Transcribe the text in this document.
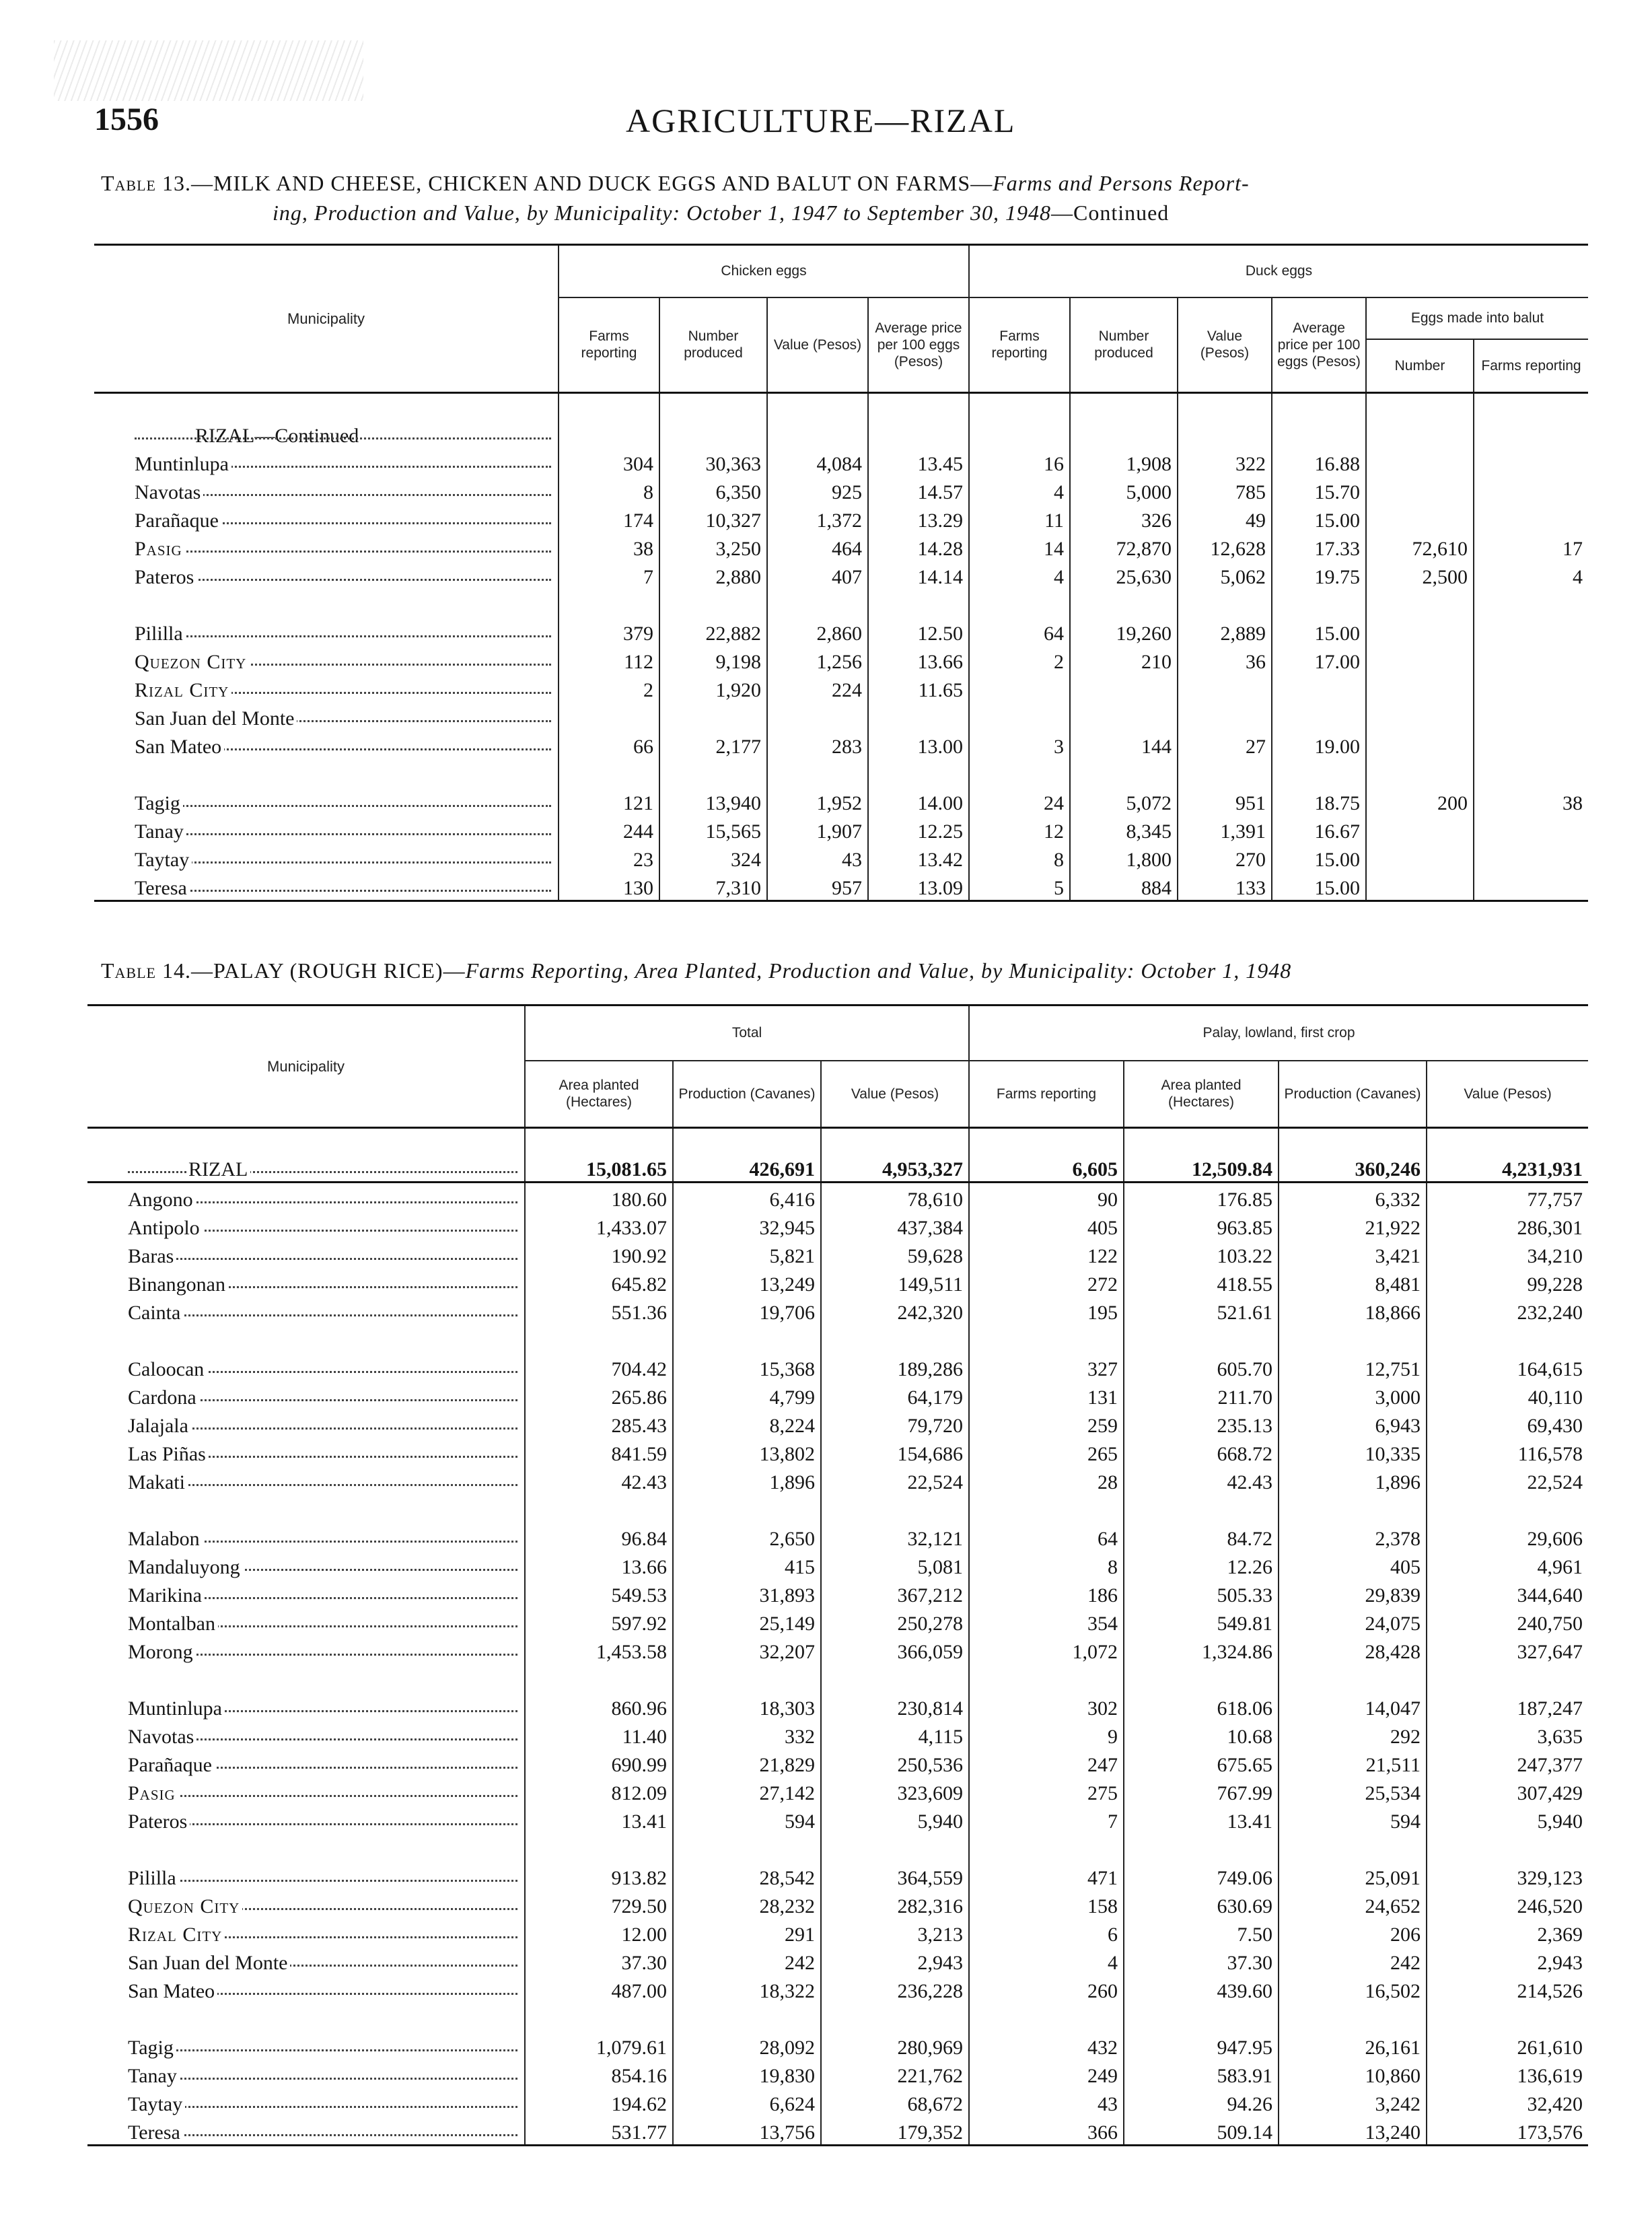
1556	AGRICULTURE—RIZAL
Table 13.—MILK AND CHEESE, CHICKEN AND DUCK EGGS AND BALUT ON FARMS—Farms and Persons Report-
ing, Production and Value, by Municipality: October 1, 1947 to September 30, 1948—Continued
Municipality	Chicken eggs				Duck eggs					
	Farms reporting	Number produced	Value (Pesos)	Average price per 100 eggs (Pesos)	Farms reporting	Number produced	Value (Pesos)	Average price per 100 eggs (Pesos)	Eggs made into balut	
									Number	Farms reporting
RIZAL—Continued										
Muntinlupa	304	30,363	4,084	13.45	16	1,908	322	16.88		
Navotas	8	6,350	925	14.57	4	5,000	785	15.70		
Parañaque	174	10,327	1,372	13.29	11	326	49	15.00		
Pasig	38	3,250	464	14.28	14	72,870	12,628	17.33	72,610	17
Pateros	7	2,880	407	14.14	4	25,630	5,062	19.75	2,500	4
Pililla	379	22,882	2,860	12.50	64	19,260	2,889	15.00		
Quezon City	112	9,198	1,256	13.66	2	210	36	17.00		
Rizal City	2	1,920	224	11.65						
San Juan del Monte										
San Mateo	66	2,177	283	13.00	3	144	27	19.00		
Tagig	121	13,940	1,952	14.00	24	5,072	951	18.75	200	38
Tanay	244	15,565	1,907	12.25	12	8,345	1,391	16.67		
Taytay	23	324	43	13.42	8	1,800	270	15.00		
Teresa	130	7,310	957	13.09	5	884	133	15.00		
Table 14.—PALAY (ROUGH RICE)—Farms Reporting, Area Planted, Production and Value, by Municipality: October 1, 1948
Municipality	Total			Palay, lowland, first crop			
	Area planted (Hectares)	Production (Cavanes)	Value (Pesos)	Farms reporting	Area planted (Hectares)	Production (Cavanes)	Value (Pesos)
RIZAL	15,081.65	426,691	4,953,327	6,605	12,509.84	360,246	4,231,931
Angono	180.60	6,416	78,610	90	176.85	6,332	77,757
Antipolo	1,433.07	32,945	437,384	405	963.85	21,922	286,301
Baras	190.92	5,821	59,628	122	103.22	3,421	34,210
Binangonan	645.82	13,249	149,511	272	418.55	8,481	99,228
Cainta	551.36	19,706	242,320	195	521.61	18,866	232,240
Caloocan	704.42	15,368	189,286	327	605.70	12,751	164,615
Cardona	265.86	4,799	64,179	131	211.70	3,000	40,110
Jalajala	285.43	8,224	79,720	259	235.13	6,943	69,430
Las Piñas	841.59	13,802	154,686	265	668.72	10,335	116,578
Makati	42.43	1,896	22,524	28	42.43	1,896	22,524
Malabon	96.84	2,650	32,121	64	84.72	2,378	29,606
Mandaluyong	13.66	415	5,081	8	12.26	405	4,961
Marikina	549.53	31,893	367,212	186	505.33	29,839	344,640
Montalban	597.92	25,149	250,278	354	549.81	24,075	240,750
Morong	1,453.58	32,207	366,059	1,072	1,324.86	28,428	327,647
Muntinlupa	860.96	18,303	230,814	302	618.06	14,047	187,247
Navotas	11.40	332	4,115	9	10.68	292	3,635
Parañaque	690.99	21,829	250,536	247	675.65	21,511	247,377
Pasig	812.09	27,142	323,609	275	767.99	25,534	307,429
Pateros	13.41	594	5,940	7	13.41	594	5,940
Pililla	913.82	28,542	364,559	471	749.06	25,091	329,123
Quezon City	729.50	28,232	282,316	158	630.69	24,652	246,520
Rizal City	12.00	291	3,213	6	7.50	206	2,369
San Juan del Monte	37.30	242	2,943	4	37.30	242	2,943
San Mateo	487.00	18,322	236,228	260	439.60	16,502	214,526
Tagig	1,079.61	28,092	280,969	432	947.95	26,161	261,610
Tanay	854.16	19,830	221,762	249	583.91	10,860	136,619
Taytay	194.62	6,624	68,672	43	94.26	3,242	32,420
Teresa	531.77	13,756	179,352	366	509.14	13,240	173,576
